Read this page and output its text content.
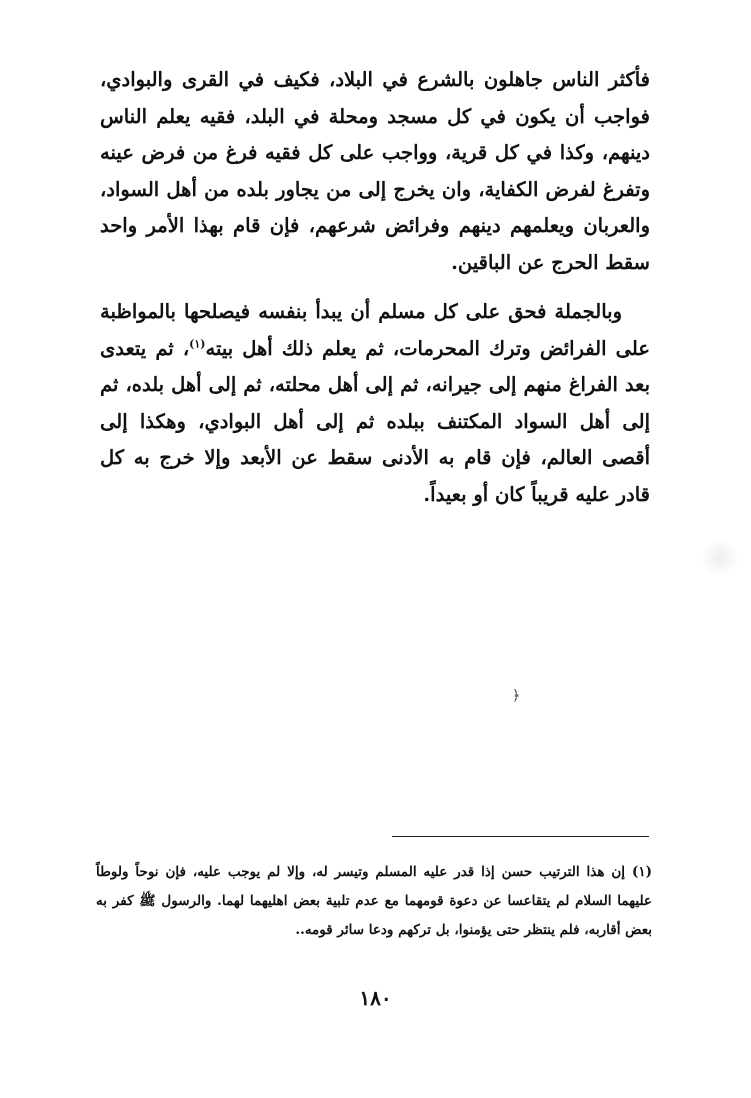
فأكثر الناس جاهلون بالشرع في البلاد، فكيف في القرى والبوادي، فواجب أن يكون في كل مسجد ومحلة في البلد، فقيه يعلم الناس دينهم، وكذا في كل قرية، وواجب على كل فقيه فرغ من فرض عينه وتفرغ لفرض الكفاية، وان يخرج إلى من يجاور بلده من أهل السواد، والعربان ويعلمهم دينهم وفرائض شرعهم، فإن قام بهذا الأمر واحد سقط الحرج عن الباقين.

وبالجملة فحق على كل مسلم أن يبدأ بنفسه فيصلحها بالمواظبة على الفرائض وترك المحرمات، ثم يعلم ذلك أهل بيته$^{(١)}$، ثم يتعدى بعد الفراغ منهم إلى جيرانه، ثم إلى أهل محلته، ثم إلى أهل بلده، ثم إلى أهل السواد المكتنف ببلده ثم إلى أهل البوادي، وهكذا إلى أقصى العالم، فإن قام به الأدنى سقط عن الأبعد وإلا خرج به كل قادر عليه قريباً كان أو بعيداً.

﴿

(١) إن هذا الترتيب حسن إذا قدر عليه المسلم وتيسر له، وإلا لم يوجب عليه، فإن نوحاً ولوطاً عليهما السلام لم يتقاعسا عن دعوة قومهما مع عدم تلبية بعض اهليهما لهما. والرسول ﷺ كفر به بعض أقاربه، فلم ينتظر حتى يؤمنوا، بل تركهم ودعا سائر قومه..

١٨٠
